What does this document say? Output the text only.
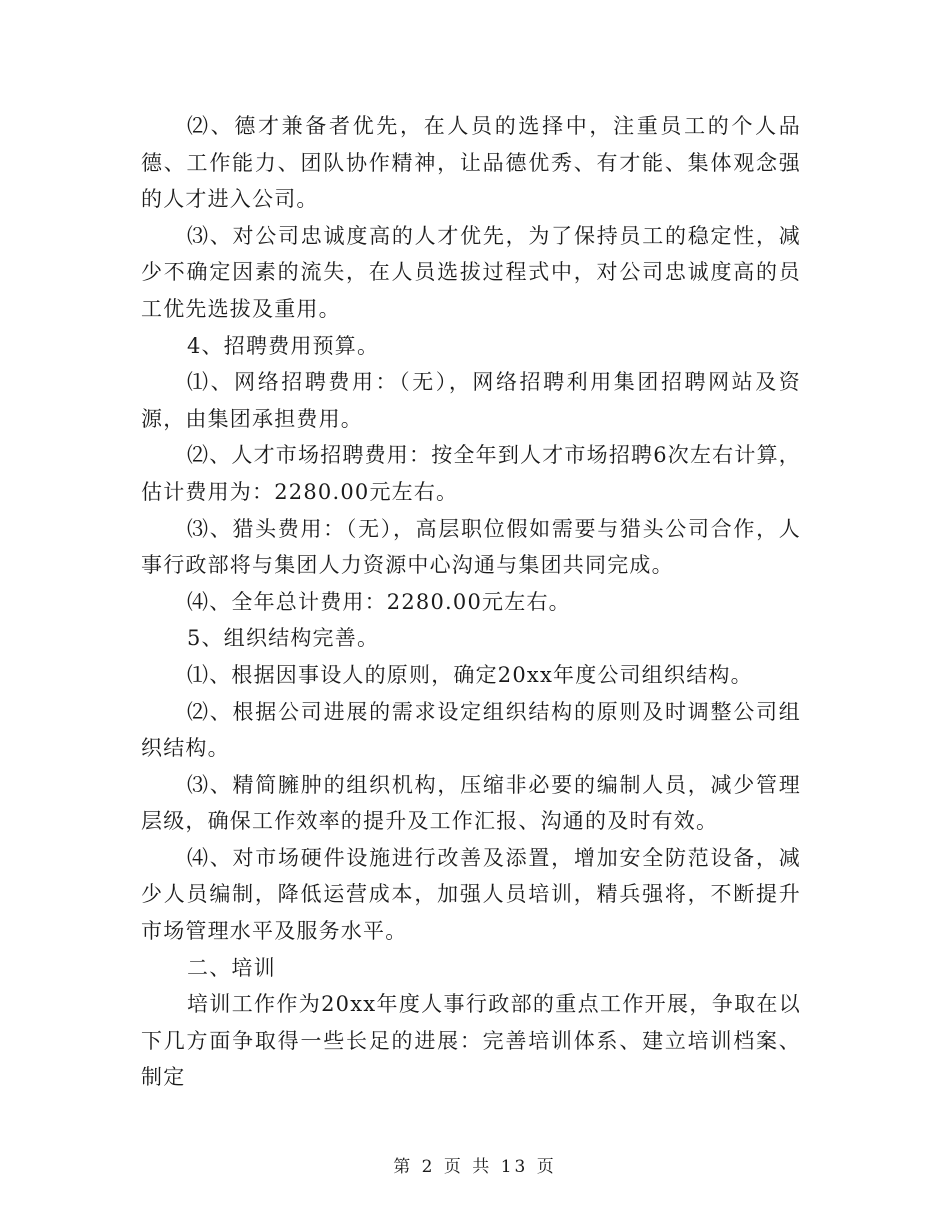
⑵、德才兼备者优先，在人员的选择中，注重员工的个人品德、工作能力、团队协作精神，让品德优秀、有才能、集体观念强的人才进入公司。

⑶、对公司忠诚度高的人才优先，为了保持员工的稳定性，减少不确定因素的流失，在人员选拔过程式中，对公司忠诚度高的员工优先选拔及重用。

4、招聘费用预算。

⑴、网络招聘费用：（无），网络招聘利用集团招聘网站及资源，由集团承担费用。

⑵、人才市场招聘费用：按全年到人才市场招聘6次左右计算，估计费用为：2280.00元左右。

⑶、猎头费用：（无），高层职位假如需要与猎头公司合作，人事行政部将与集团人力资源中心沟通与集团共同完成。

⑷、全年总计费用：2280.00元左右。

5、组织结构完善。

⑴、根据因事设人的原则，确定20xx年度公司组织结构。

⑵、根据公司进展的需求设定组织结构的原则及时调整公司组织结构。

⑶、精简臃肿的组织机构，压缩非必要的编制人员，减少管理层级，确保工作效率的提升及工作汇报、沟通的及时有效。

⑷、对市场硬件设施进行改善及添置，增加安全防范设备，减少人员编制，降低运营成本，加强人员培训，精兵强将，不断提升市场管理水平及服务水平。

二、培训

培训工作作为20xx年度人事行政部的重点工作开展，争取在以下几方面争取得一些长足的进展：完善培训体系、建立培训档案、制定

第 2 页 共 13 页
